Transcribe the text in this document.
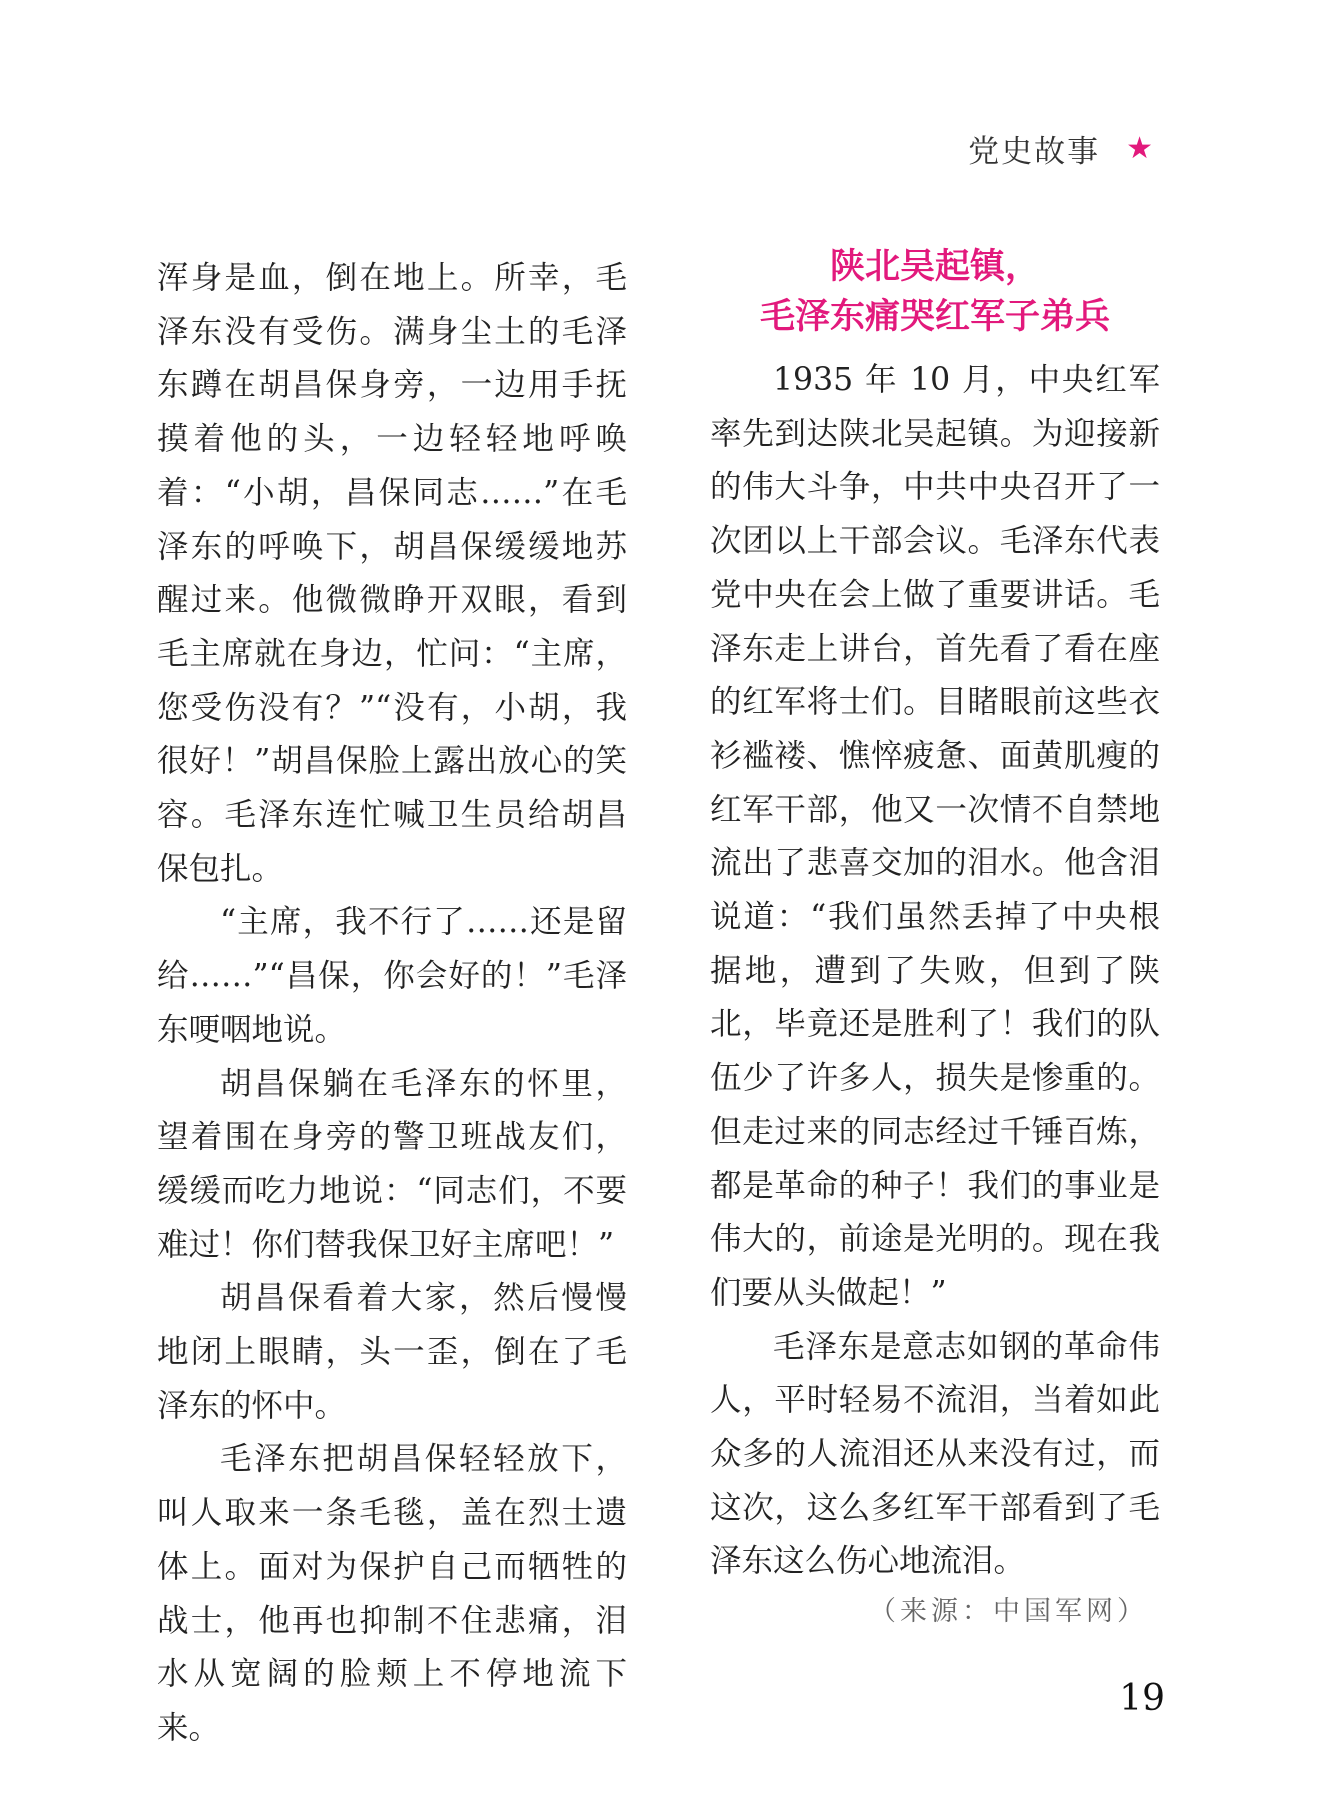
党史故事 ★

浑身是血，倒在地上。所幸，毛泽东没有受伤。满身尘土的毛泽东蹲在胡昌保身旁，一边用手抚摸着他的头，一边轻轻地呼唤着：“小胡，昌保同志……”在毛泽东的呼唤下，胡昌保缓缓地苏醒过来。他微微睁开双眼，看到毛主席就在身边，忙问：“主席，您受伤没有？”“没有，小胡，我很好！”胡昌保脸上露出放心的笑容。毛泽东连忙喊卫生员给胡昌保包扎。

“主席，我不行了……还是留给……”“昌保，你会好的！”毛泽东哽咽地说。

胡昌保躺在毛泽东的怀里，望着围在身旁的警卫班战友们，缓缓而吃力地说：“同志们，不要难过！你们替我保卫好主席吧！”

胡昌保看着大家，然后慢慢地闭上眼睛，头一歪，倒在了毛泽东的怀中。

毛泽东把胡昌保轻轻放下，叫人取来一条毛毯，盖在烈士遗体上。面对为保护自己而牺牲的战士，他再也抑制不住悲痛，泪水从宽阔的脸颊上不停地流下来。

陕北吴起镇，
毛泽东痛哭红军子弟兵

1935 年 10 月，中央红军率先到达陕北吴起镇。为迎接新的伟大斗争，中共中央召开了一次团以上干部会议。毛泽东代表党中央在会上做了重要讲话。毛泽东走上讲台，首先看了看在座的红军将士们。目睹眼前这些衣衫褴褛、憔悴疲惫、面黄肌瘦的红军干部，他又一次情不自禁地流出了悲喜交加的泪水。他含泪说道：“我们虽然丢掉了中央根据地，遭到了失败，但到了陕北，毕竟还是胜利了！我们的队伍少了许多人，损失是惨重的。但走过来的同志经过千锤百炼，都是革命的种子！我们的事业是伟大的，前途是光明的。现在我们要从头做起！”

毛泽东是意志如钢的革命伟人，平时轻易不流泪，当着如此众多的人流泪还从来没有过，而这次，这么多红军干部看到了毛泽东这么伤心地流泪。

（来源：中国军网）

19
